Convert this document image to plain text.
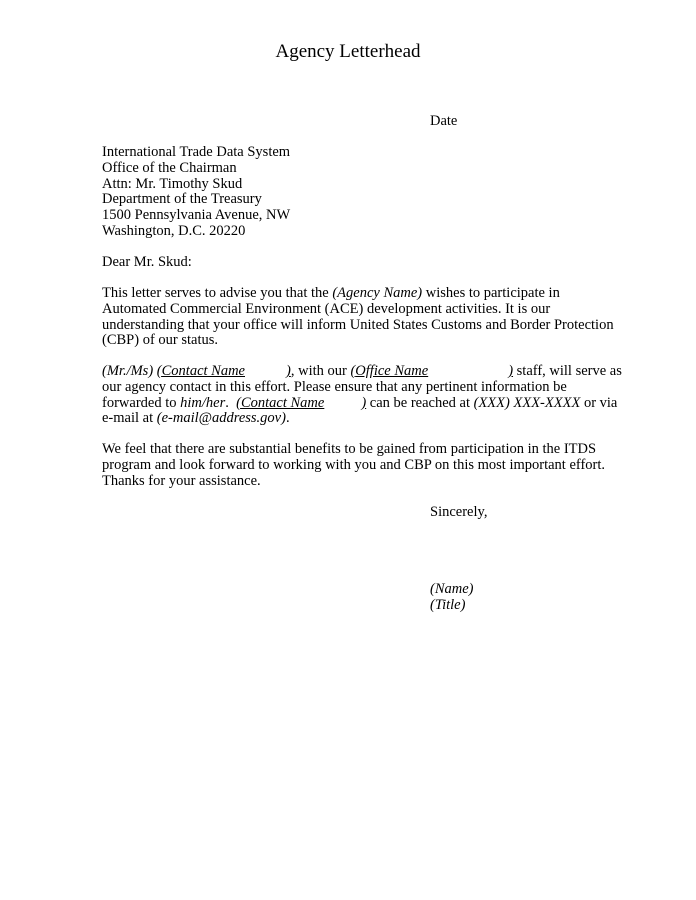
Agency Letterhead
Date
International Trade Data System
Office of the Chairman
Attn: Mr. Timothy Skud
Department of the Treasury
1500 Pennsylvania Avenue, NW
Washington, D.C. 20220
Dear Mr. Skud:
This letter serves to advise you that the (Agency Name) wishes to participate in
Automated Commercial Environment (ACE) development activities. It is our
understanding that your office will inform United States Customs and Border Protection
(CBP) of our status.
(Mr./Ms) (Contact Name	), with our (Office Name	) staff, will serve as
our agency contact in this effort. Please ensure that any pertinent information be
forwarded to him/her.  (Contact Name	) can be reached at (XXX) XXX-XXXX or via
e-mail at (e-mail@address.gov).
We feel that there are substantial benefits to be gained from participation in the ITDS
program and look forward to working with you and CBP on this most important effort.
Thanks for your assistance.
Sincerely,
(Name)
(Title)
